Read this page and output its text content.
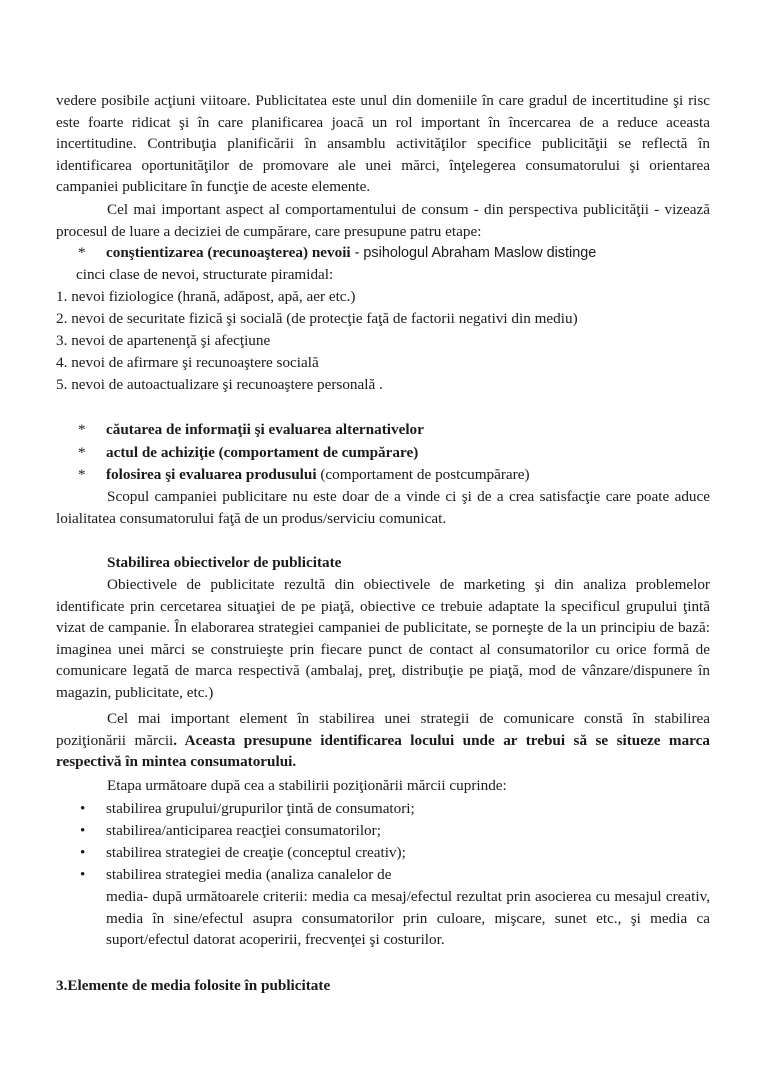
vedere posibile acţiuni viitoare. Publicitatea este unul din domeniile în care gradul de incertitudine şi risc este foarte ridicat şi în care planificarea joacă un rol important în încercarea de a reduce aceasta incertitudine. Contribuţia planificării în ansamblu activităţilor specifice publicităţii se reflectă în identificarea oportunităţilor de promovare ale unei mărci, înţelegerea consumatorului şi orientarea campaniei publicitare în funcţie de aceste elemente.

Cel mai important aspect al comportamentului de consum - din perspectiva publicităţii - vizează procesul de luare a deciziei de cumpărare, care presupune patru etape:

* conştientizarea (recunoaşterea) nevoii - psihologul Abraham Maslow distinge

cinci clase de nevoi, structurate piramidal:

1. nevoi fiziologice (hrană, adăpost, apă, aer etc.)

2. nevoi de securitate fizică şi socială (de protecţie faţă de factorii negativi din mediu)

3. nevoi de apartenenţă şi afecţiune

4. nevoi de afirmare şi recunoaştere socială

5. nevoi de autoactualizare şi recunoaştere personală .

* căutarea de informaţii şi evaluarea alternativelor

* actul de achiziţie (comportament de cumpărare)

* folosirea şi evaluarea produsului (comportament de postcumpărare)

Scopul campaniei publicitare nu este doar de a vinde ci şi de a crea satisfacţie care poate aduce loialitatea consumatorului faţă de un produs/serviciu comunicat.

Stabilirea obiectivelor de publicitate

Obiectivele de publicitate rezultă din obiectivele de marketing şi din analiza problemelor identificate prin cercetarea situaţiei de pe piaţă, obiective ce trebuie adaptate la specificul grupului ţintă vizat de campanie. În elaborarea strategiei campaniei de publicitate, se porneşte de la un principiu de bază: imaginea unei mărci se construieşte prin fiecare punct de contact al consumatorilor cu orice formă de comunicare legată de marca respectivă (ambalaj, preţ, distribuţie pe piaţă, mod de vânzare/dispunere în magazin, publicitate, etc.)

Cel mai important element în stabilirea unei strategii de comunicare constă în stabilirea poziţionării mărcii. Aceasta presupune identificarea locului unde ar trebui să se situeze marca respectivă în mintea consumatorului.

Etapa următoare după cea a stabilirii poziţionării mărcii cuprinde:

• stabilirea grupului/grupurilor ţintă de consumatori;

• stabilirea/anticiparea reacţiei consumatorilor;

• stabilirea strategiei de creaţie (conceptul creativ);

• stabilirea strategiei media (analiza canalelor de

media- după următoarele criterii: media ca mesaj/efectul rezultat prin asocierea cu mesajul creativ, media în sine/efectul asupra consumatorilor prin culoare, mişcare, sunet etc., şi media ca suport/efectul datorat acoperirii, frecvenţei şi costurilor.

3.Elemente de media folosite în publicitate
